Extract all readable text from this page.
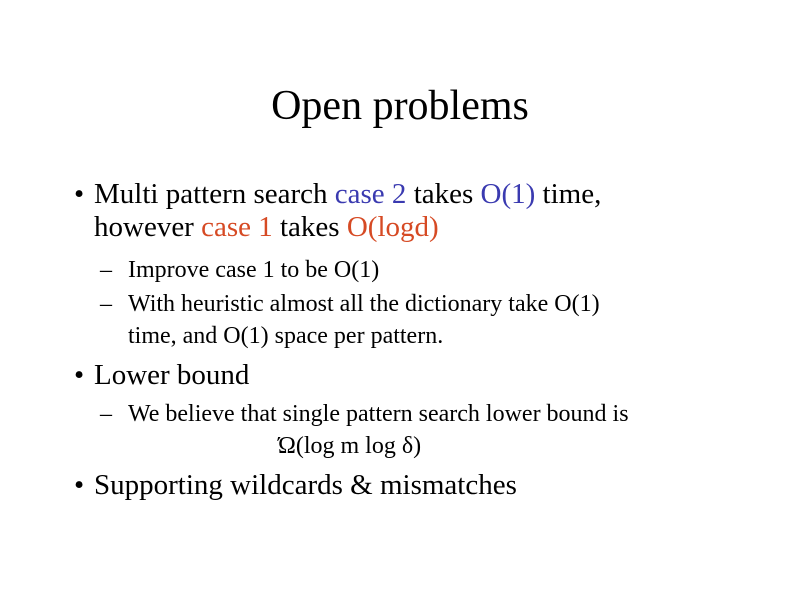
Open problems
• Multi pattern search case 2 takes O(1) time,
however case 1 takes O(logd)
– Improve case 1 to be O(1)
– With heuristic almost all the dictionary take O(1)
time, and O(1) space per pattern.
• Lower bound
– We believe that single pattern search lower bound is
Ώ(log m log δ)
• Supporting wildcards & mismatches
